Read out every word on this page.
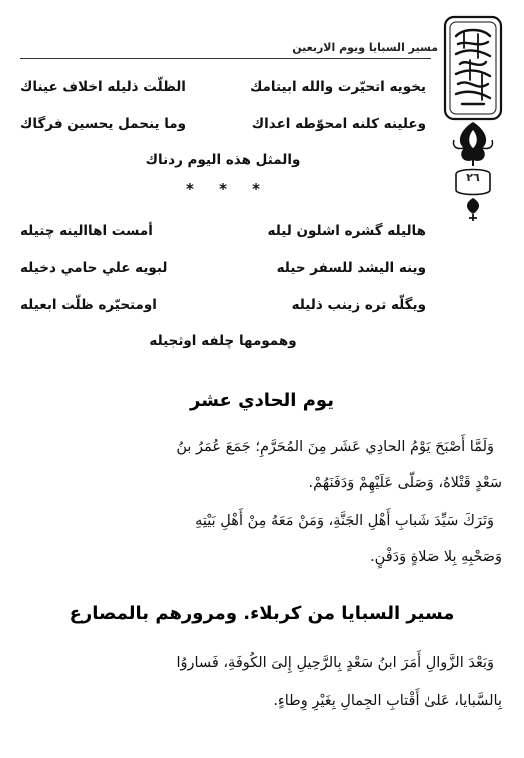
مسير السبايا ويوم الاربعين
٢٦
يخويه اتحيّرت والله ابيتامك
الظلّت ذليله اخلاف عيناك
وعلينه كلنه امحوّطه اعداك
وما ينحمل يحسين فرگاك
والمثل هذه اليوم ردناك
* * *
هاليله گشره اشلون ليله
أمست اهاالينه چتيله
وينه اليشد للسفر حيله
لبويه علي حامي دخيله
ويگلّه تره زينب ذليله
اومتحيّره ظلّت ابعيله
وهمومها چلفه اوثجيله
يوم الحادي عشر
وَلَمَّا أَصْبَحَ يَوْمُ الحادِي عَشَر مِنَ المُحَرَّمِ؛ جَمَعَ عُمَرُ بنُ
سَعْدٍ قَتْلاهُ، وَصَلّى عَلَيْهِمْ وَدَفَنَهُمْ.
وَتَرَكَ سَيِّدَ شَبابِ أَهْلِ الجَنَّةِ، وَمَنْ مَعَهُ مِنْ أَهْلِ بَيْتِهِ
وَصَحْبِهِ بِلا صَلاةٍ وَدَفْنٍ.
مسير السبايا من كربلاء. ومرورهم بالمصارع
وَبَعْدَ الزَّوالِ أَمَرَ ابنُ سَعْدٍ بِالرَّحِيلِ إِلىَ الكُوفَةِ، فَساروُا
بِالسَّبايا، عَلىٰ أَقْتابِ الجِمالِ بِغَيْرِ وِطاءٍ.
